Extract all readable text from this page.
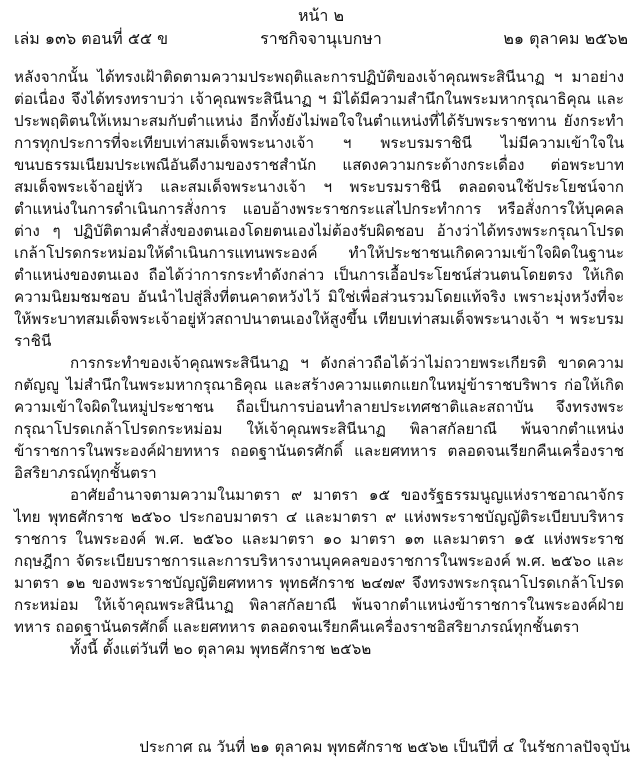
หน้า ๒
เล่ม ๑๓๖ ตอนที่ ๕๕ ข	ราชกิจจานุเบกษา	๒๑ ตุลาคม ๒๕๖๒

หลังจากนั้น ได้ทรงเฝ้าติดตามความประพฤติและการปฏิบัติของเจ้าคุณพระสินีนาฏ ฯ มาอย่างต่อเนื่อง จึงได้ทรงทราบว่า เจ้าคุณพระสินีนาฏ ฯ มิได้มีความสำนึกในพระมหากรุณาธิคุณ และประพฤติตนให้เหมาะสมกับตำแหน่ง อีกทั้งยังไม่พอใจในตำแหน่งที่ได้รับพระราชทาน ยังกระทำการทุกประการที่จะเทียบเท่าสมเด็จพระนางเจ้า ฯ พระบรมราชินี ไม่มีความเข้าใจในขนบธรรมเนียมประเพณีอันดีงามของราชสำนัก แสดงความกระด้างกระเดื่อง ต่อพระบาทสมเด็จพระเจ้าอยู่หัว และสมเด็จพระนางเจ้า ฯ พระบรมราชินี ตลอดจนใช้ประโยชน์จากตำแหน่งในการดำเนินการสั่งการ แอบอ้างพระราชกระแสไปกระทำการ หรือสั่งการให้บุคคลต่าง ๆ ปฏิบัติตามคำสั่งของตนเองโดยตนเองไม่ต้องรับผิดชอบ อ้างว่าได้ทรงพระกรุณาโปรดเกล้าโปรดกระหม่อมให้ดำเนินการแทนพระองค์ ทำให้ประชาชนเกิดความเข้าใจผิดในฐานะตำแหน่งของตนเอง ถือได้ว่าการกระทำดังกล่าว เป็นการเอื้อประโยชน์ส่วนตนโดยตรง ให้เกิดความนิยมชมชอบ อันนำไปสู่สิ่งที่ตนคาดหวังไว้ มิใช่เพื่อส่วนรวมโดยแท้จริง เพราะมุ่งหวังที่จะให้พระบาทสมเด็จพระเจ้าอยู่หัวสถาปนาตนเองให้สูงขึ้น เทียบเท่าสมเด็จพระนางเจ้า ฯ พระบรมราชินี

การกระทำของเจ้าคุณพระสินีนาฏ ฯ ดังกล่าวถือได้ว่าไม่ถวายพระเกียรติ ขาดความกตัญญู ไม่สำนึกในพระมหากรุณาธิคุณ และสร้างความแตกแยกในหมู่ข้าราชบริพาร ก่อให้เกิดความเข้าใจผิดในหมู่ประชาชน ถือเป็นการบ่อนทำลายประเทศชาติและสถาบัน จึงทรงพระกรุณาโปรดเกล้าโปรดกระหม่อม ให้เจ้าคุณพระสินีนาฏ พิลาสกัลยาณี พ้นจากตำแหน่งข้าราชการในพระองค์ฝ่ายทหาร ถอดฐานันดรศักดิ์ และยศทหาร ตลอดจนเรียกคืนเครื่องราชอิสริยาภรณ์ทุกชั้นตรา

อาศัยอำนาจตามความในมาตรา ๙ มาตรา ๑๕ ของรัฐธรรมนูญแห่งราชอาณาจักรไทย พุทธศักราช ๒๕๖๐ ประกอบมาตรา ๔ และมาตรา ๙ แห่งพระราชบัญญัติระเบียบบริหารราชการ ในพระองค์ พ.ศ. ๒๕๖๐ และมาตรา ๑๐ มาตรา ๑๓ และมาตรา ๑๕ แห่งพระราชกฤษฎีกา จัดระเบียบราชการและการบริหารงานบุคคลของราชการในพระองค์ พ.ศ. ๒๕๖๐ และมาตรา ๑๒ ของพระราชบัญญัติยศทหาร พุทธศักราช ๒๔๗๙ จึงทรงพระกรุณาโปรดเกล้าโปรดกระหม่อม ให้เจ้าคุณพระสินีนาฏ พิลาสกัลยาณี พ้นจากตำแหน่งข้าราชการในพระองค์ฝ่ายทหาร ถอดฐานันดรศักดิ์ และยศทหาร ตลอดจนเรียกคืนเครื่องราชอิสริยาภรณ์ทุกชั้นตรา

ทั้งนี้ ตั้งแต่วันที่ ๒๐ ตุลาคม พุทธศักราช ๒๕๖๒

ประกาศ ณ วันที่ ๒๑ ตุลาคม พุทธศักราช ๒๕๖๒ เป็นปีที่ ๔ ในรัชกาลปัจจุบัน
